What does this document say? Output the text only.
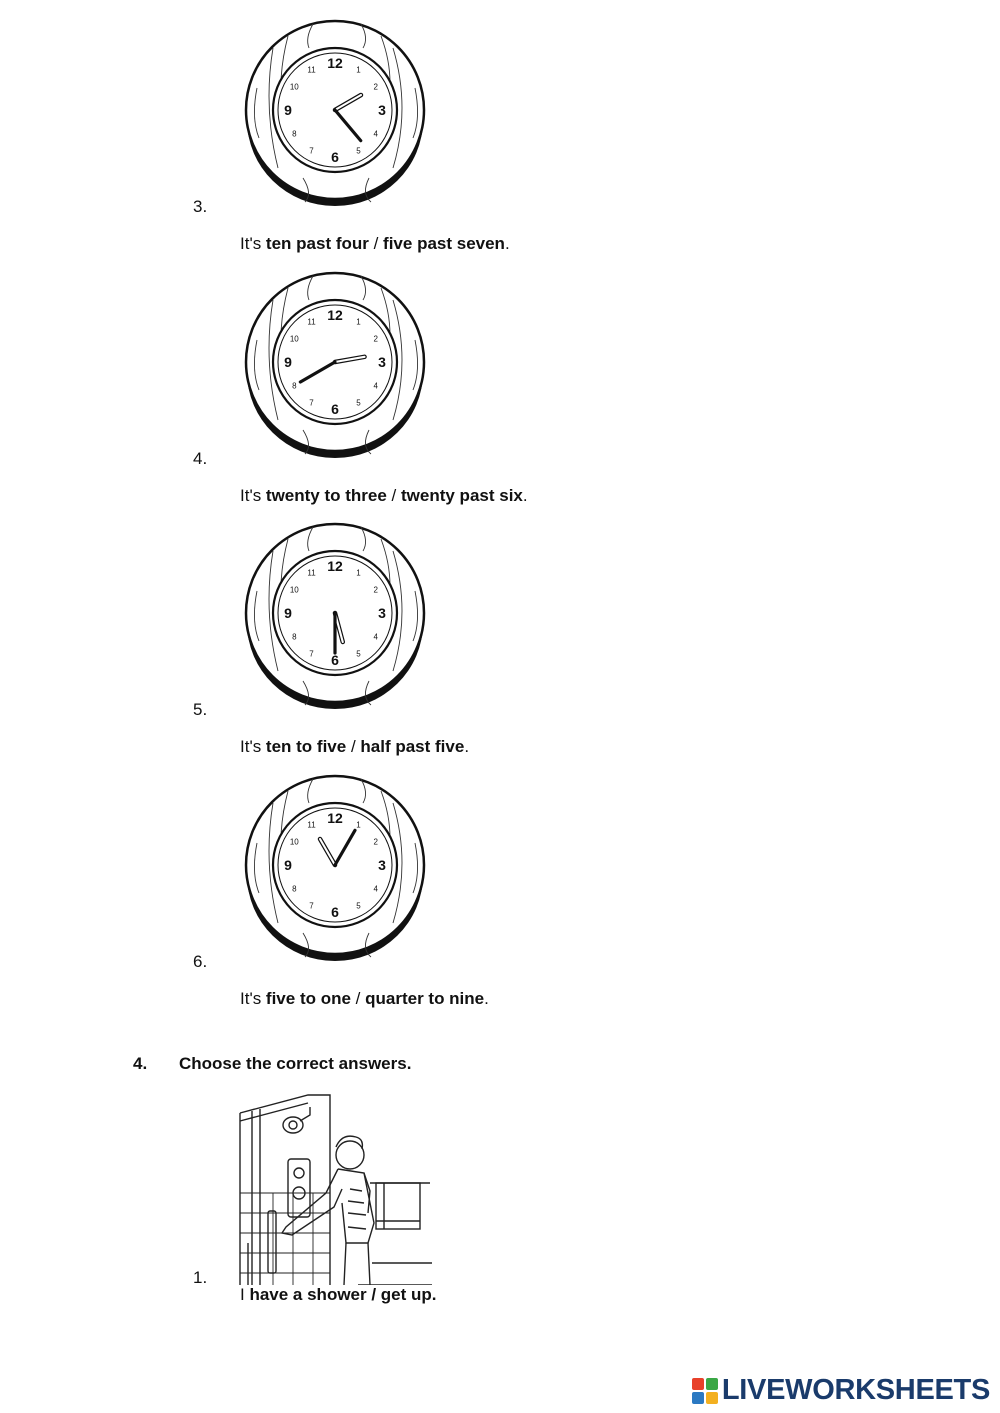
12 1
2
3
4
5
6
7
8
9
10
11
3.
It's ten past four / five past seven.
12 1
2
3
4
5
6
7
8
9
10
11
4.
It's twenty to three / twenty past six.
12 1
2
3
4
5
6
7
8
9
10
11
5.
It's ten to five / half past five.
12 1
2
3
4
5
6
7
8
9
10
11
6.
It's five to one / quarter to nine.
4. Choose the correct answers.
1.
I have a shower / get up.
LIVEWORKSHEETS
